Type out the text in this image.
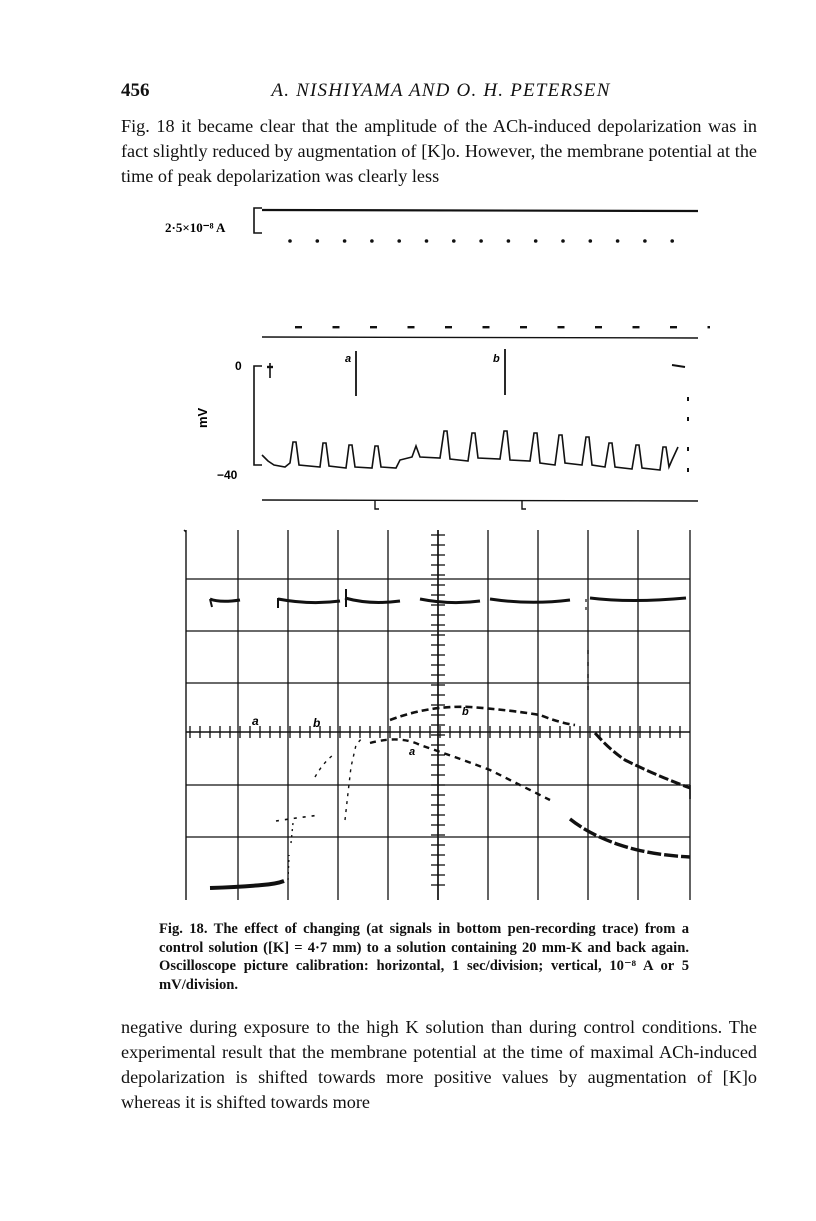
456	A. NISHIYAMA AND O. H. PETERSEN

Fig. 18 it became clear that the amplitude of the ACh-induced depolarization was in fact slightly reduced by augmentation of [K]o. However, the membrane potential at the time of peak depolarization was clearly less

2·5×10⁻⁸ A
0
−40
mV
a	b
a	b
a
b
Fig. 18. The effect of changing (at signals in bottom pen-recording trace) from a control solution ([K] = 4·7 mm) to a solution containing 20 mm-K and back again. Oscilloscope picture calibration: horizontal, 1 sec/division; vertical, 10⁻⁸ A or 5 mV/division.

negative during exposure to the high K solution than during control conditions. The experimental result that the membrane potential at the time of maximal ACh-induced depolarization is shifted towards more positive values by augmentation of [K]o whereas it is shifted towards more
